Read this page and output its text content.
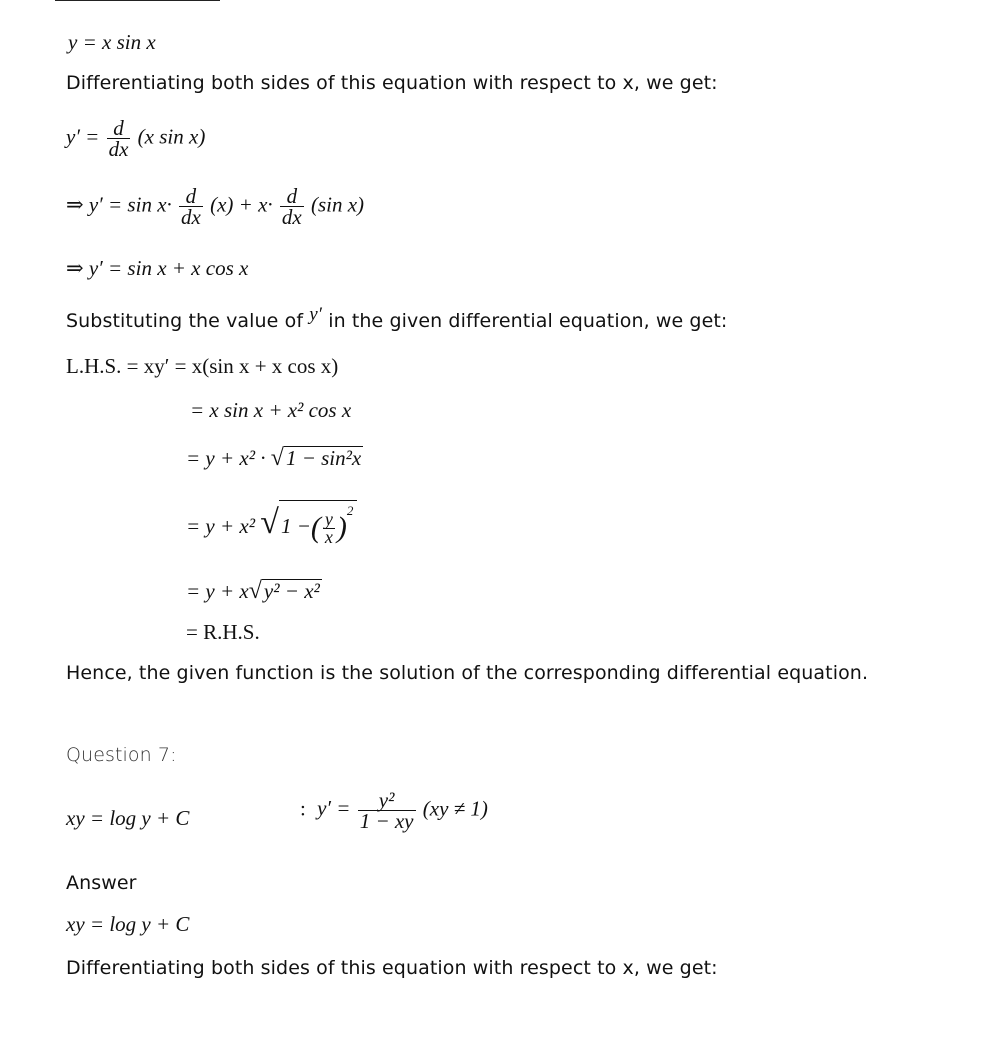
y = x sin x
Differentiating both sides of this equation with respect to x, we get:
$y' = \frac{d}{dx} (x$ sin x)
⇒ $y' = \sin x\cdot \frac{d}{dx} (x) + x\cdot \frac{d}{dx} (\sin$ x)
⇒ y′ = sin x + x cos x
Substituting the value of y′ in the given differential equation, we get:
L.H.S. = xy′ = x(sin x + x cos x)
= x sin x + x² cos x
= y + x² · √1 − sin²x
= y + x² √1 −( $\frac{y}{x} )^2$
= y + x√y² − x²
= R.H.S.
Hence, the given function is the solution of the corresponding differential equation.
Question 7:
xy = log y + C	: $y' = \frac{\text{y²}}{1 - xy} (xy \ne 1)$
Answer
xy = log y + C
Differentiating both sides of this equation with respect to x, we get:
